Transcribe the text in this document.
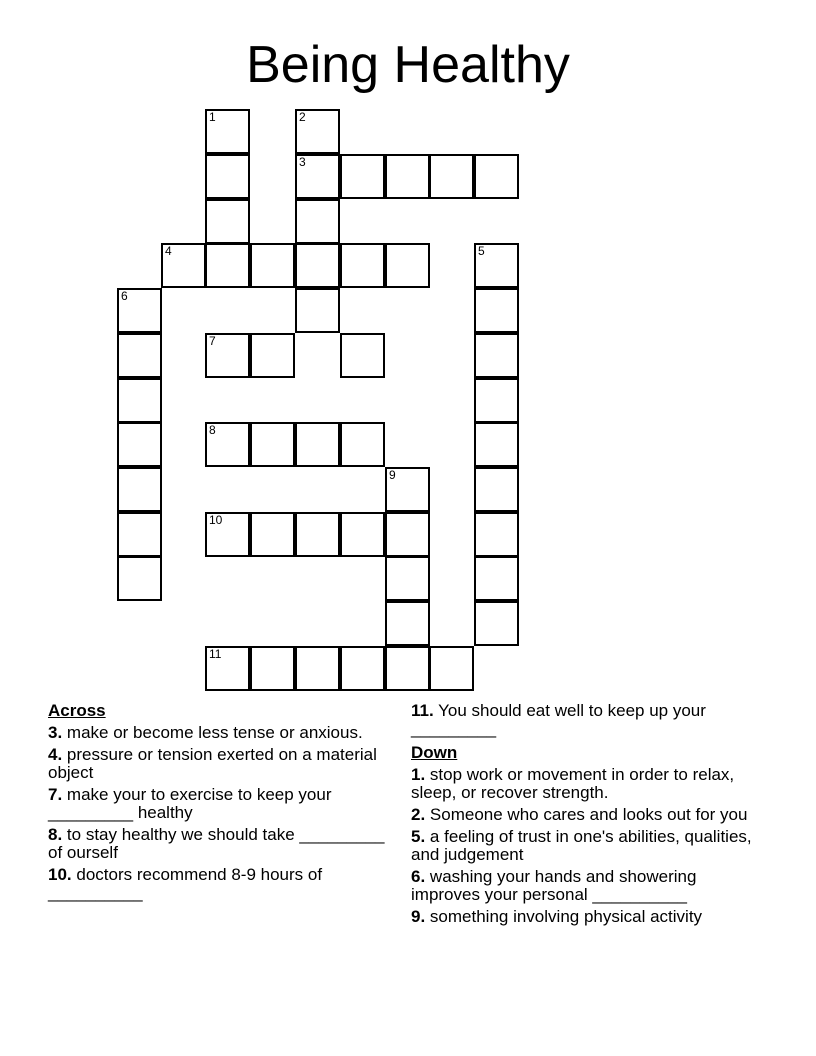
Being Healthy
1	2
3
4	5
6
7
8
9
10
11
Across
3. make or become less tense or anxious.
4. pressure or tension exerted on a material object
7. make your to exercise to keep your _________ healthy
8. to stay healthy we should take _________ of ourself
10. doctors recommend 8-9 hours of __________
11. You should eat well to keep up your _________
Down
1. stop work or movement in order to relax, sleep, or recover strength.
2. Someone who cares and looks out for you
5. a feeling of trust in one's abilities, qualities, and judgement
6. washing your hands and showering improves your personal __________
9. something involving physical activity
